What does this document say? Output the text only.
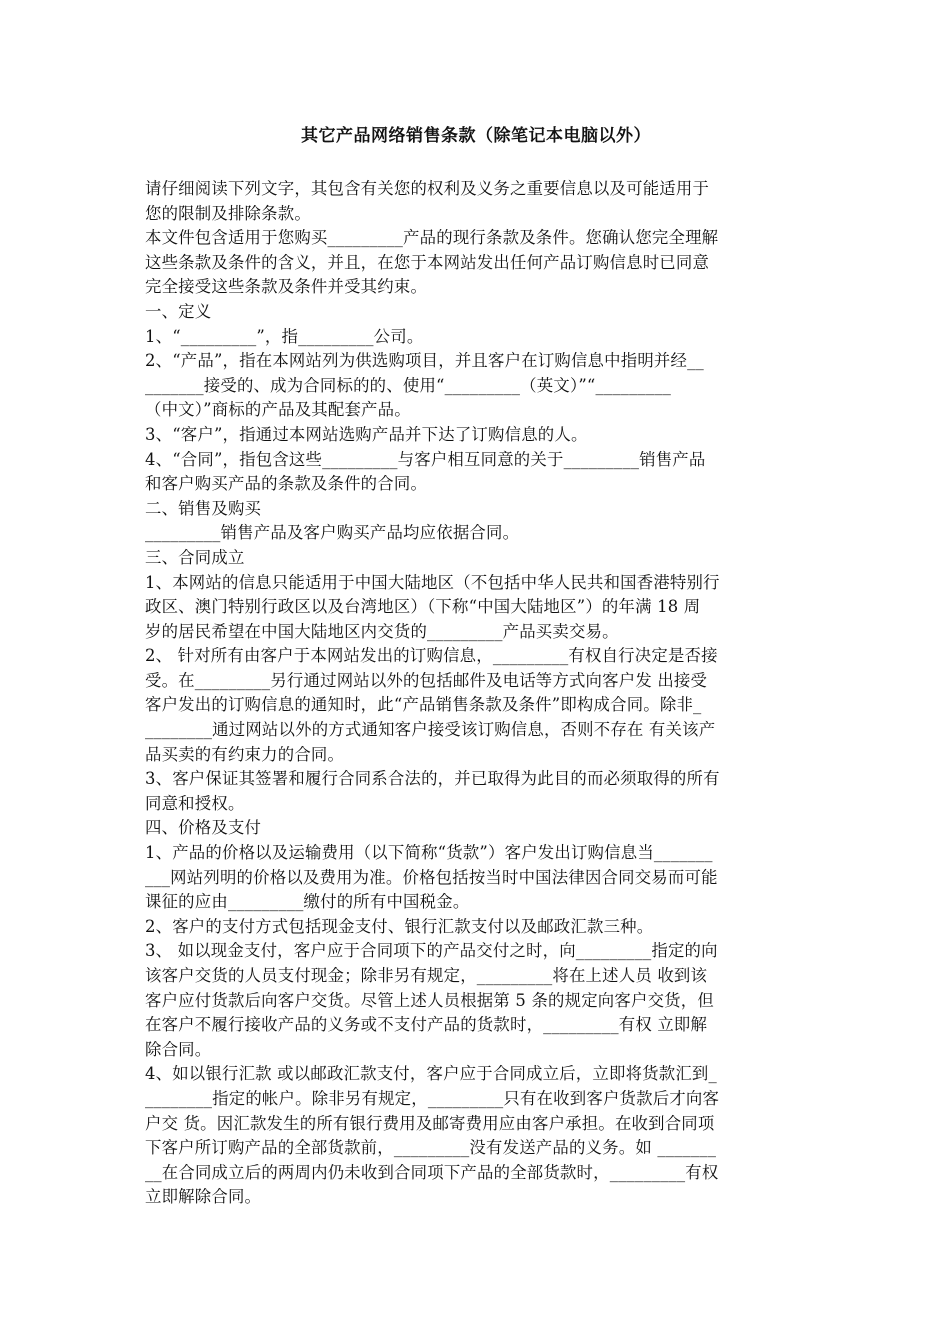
其它产品网络销售条款（除笔记本电脑以外）
请仔细阅读下列文字，其包含有关您的权利及义务之重要信息以及可能适用于
您的限制及排除条款。
本文件包含适用于您购买_________产品的现行条款及条件。您确认您完全理解
这些条款及条件的含义，并且，在您于本网站发出任何产品订购信息时已同意
完全接受这些条款及条件并受其约束。
一、定义
1、“_________”，指_________公司。
2、“产品”，指在本网站列为供选购项目，并且客户在订购信息中指明并经__
_______接受的、成为合同标的的、使用“_________（英文）”“_________
（中文）”商标的产品及其配套产品。
3、“客户”，指通过本网站选购产品并下达了订购信息的人。
4、“合同”，指包含这些_________与客户相互同意的关于_________销售产品
和客户购买产品的条款及条件的合同。
二、销售及购买
_________销售产品及客户购买产品均应依据合同。
三、合同成立
1、本网站的信息只能适用于中国大陆地区（不包括中华人民共和国香港特别行
政区、澳门特别行政区以及台湾地区）（下称“中国大陆地区”）的年满 18 周
岁的居民希望在中国大陆地区内交货的_________产品买卖交易。
2、 针对所有由客户于本网站发出的订购信息，_________有权自行决定是否接
受。在_________另行通过网站以外的包括邮件及电话等方式向客户发 出接受
客户发出的订购信息的通知时，此“产品销售条款及条件”即构成合同。除非_
________通过网站以外的方式通知客户接受该订购信息，否则不存在 有关该产
品买卖的有约束力的合同。
3、客户保证其签署和履行合同系合法的，并已取得为此目的而必须取得的所有
同意和授权。
四、价格及支付
1、产品的价格以及运输费用（以下简称“货款”）客户发出订购信息当_______
___网站列明的价格以及费用为准。价格包括按当时中国法律因合同交易而可能
课征的应由_________缴付的所有中国税金。
2、客户的支付方式包括现金支付、银行汇款支付以及邮政汇款三种。
3、 如以现金支付，客户应于合同项下的产品交付之时，向_________指定的向
该客户交货的人员支付现金；除非另有规定，_________将在上述人员 收到该
客户应付货款后向客户交货。尽管上述人员根据第 5 条的规定向客户交货，但
在客户不履行接收产品的义务或不支付产品的货款时，_________有权 立即解
除合同。
4、如以银行汇款 或以邮政汇款支付，客户应于合同成立后，立即将货款汇到_
________指定的帐户。除非另有规定，_________只有在收到客户货款后才向客
户交 货。因汇款发生的所有银行费用及邮寄费用应由客户承担。在收到合同项
下客户所订购产品的全部货款前，_________没有发送产品的义务。如 _______
__在合同成立后的两周内仍未收到合同项下产品的全部货款时，_________有权
立即解除合同。
